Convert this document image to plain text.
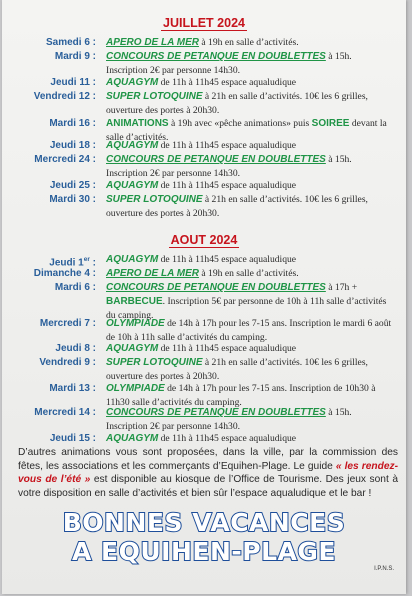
JUILLET 2024
Samedi 6 : APERO DE LA MER à 19h en salle d’activités.
Mardi 9 : CONCOURS DE PETANQUE EN DOUBLETTES à 15h. Inscription 2€ par personne 14h30.
Jeudi 11 : AQUAGYM de 11h à 11h45 espace aqualudique
Vendredi 12 : SUPER LOTOQUINE à 21h en salle d’activités. 10€ les 6 grilles, ouverture des portes à 20h30.
Mardi 16 : ANIMATIONS à 19h avec «pêche animations» puis SOIREE devant la salle d’activités.
Jeudi 18 : AQUAGYM de 11h à 11h45 espace aqualudique
Mercredi 24 : CONCOURS DE PETANQUE EN DOUBLETTES à 15h. Inscription 2€ par personne 14h30.
Jeudi 25 : AQUAGYM de 11h à 11h45 espace aqualudique
Mardi 30 : SUPER LOTOQUINE à 21h en salle d’activités. 10€ les 6 grilles, ouverture des portes à 20h30.
AOUT 2024
Jeudi 1er : AQUAGYM de 11h à 11h45 espace aqualudique
Dimanche 4 : APERO DE LA MER à 19h en salle d’activités.
Mardi 6 : CONCOURS DE PETANQUE EN DOUBLETTES à 17h + BARBECUE. Inscription 5€ par personne de 10h à 11h salle d’activités du camping.
Mercredi 7 : OLYMPIADE de 14h à 17h pour les 7-15 ans. Inscription le mardi 6 août de 10h à 11h salle d’activités du camping.
Jeudi 8 : AQUAGYM de 11h à 11h45 espace aqualudique
Vendredi 9 : SUPER LOTOQUINE à 21h en salle d’activités. 10€ les 6 grilles, ouverture des portes à 20h30.
Mardi 13 : OLYMPIADE de 14h à 17h pour les 7-15 ans. Inscription de 10h30 à 11h30 salle d’activités du camping.
Mercredi 14 : CONCOURS DE PETANQUE EN DOUBLETTES à 15h. Inscription 2€ par personne 14h30.
Jeudi 15 : AQUAGYM de 11h à 11h45 espace aqualudique
D’autres animations vous sont proposées, dans la ville, par la commission des fêtes, les associations et les commerçants d’Equihen-Plage. Le guide « les rendez-vous de l’été » est disponible au kiosque de l’Office de Tourisme. Des jeux sont à votre disposition en salle d’activités et bien sûr l’espace aqualudique et le bar !
BONNES VACANCES
A EQUIHEN-PLAGE
I.P.N.S.
